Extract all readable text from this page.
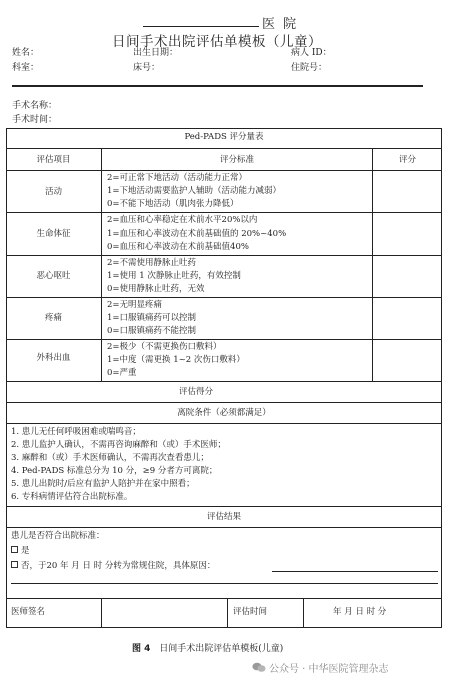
医 院
日间手术出院评估单模板（儿童）
姓名：	出生日期：	病人 ID：
科室：	床号：	住院号：
手术名称：
手术时间：
Ped-PADS 评分量表
评估项目	评分标准	评分
活动
2=可正常下地活动（活动能力正常）
1=下地活动需要监护人辅助（活动能力减弱）
0=不能下地活动（肌肉张力降低）
生命体征
2=血压和心率稳定在术前水平20%以内
1=血压和心率波动在术前基础值的 20%~40%
0=血压和心率波动在术前基础值40%
恶心呕吐
2=不需使用静脉止吐药
1=使用 1 次静脉止吐药，有效控制
0=使用静脉止吐药，无效
疼痛
2=无明显疼痛
1=口服镇痛药可以控制
0=口服镇痛药不能控制
外科出血
2=极少（不需更换伤口敷料）
1=中度（需更换 1~2 次伤口敷料）
0=严重
评估得分
离院条件（必须都满足）
1. 患儿无任何呼吸困难或喘鸣音；
2. 患儿监护人确认，不需再咨询麻醉和（或）手术医师；
3. 麻醉和（或）手术医师确认，不需再次查看患儿；
4. Ped-PADS 标准总分为 10 分，≥9 分者方可离院；
5. 患儿出院时/后应有监护人陪护并在家中照看；
6. 专科病情评估符合出院标准。
评估结果
患儿是否符合出院标准：
是
否，于20 年 月 日 时 分转为常规住院，具体原因：
医师签名	评估时间	年 月 日 时 分
图 4 日间手术出院评估单模板(儿童)
公众号 · 中华医院管理杂志
